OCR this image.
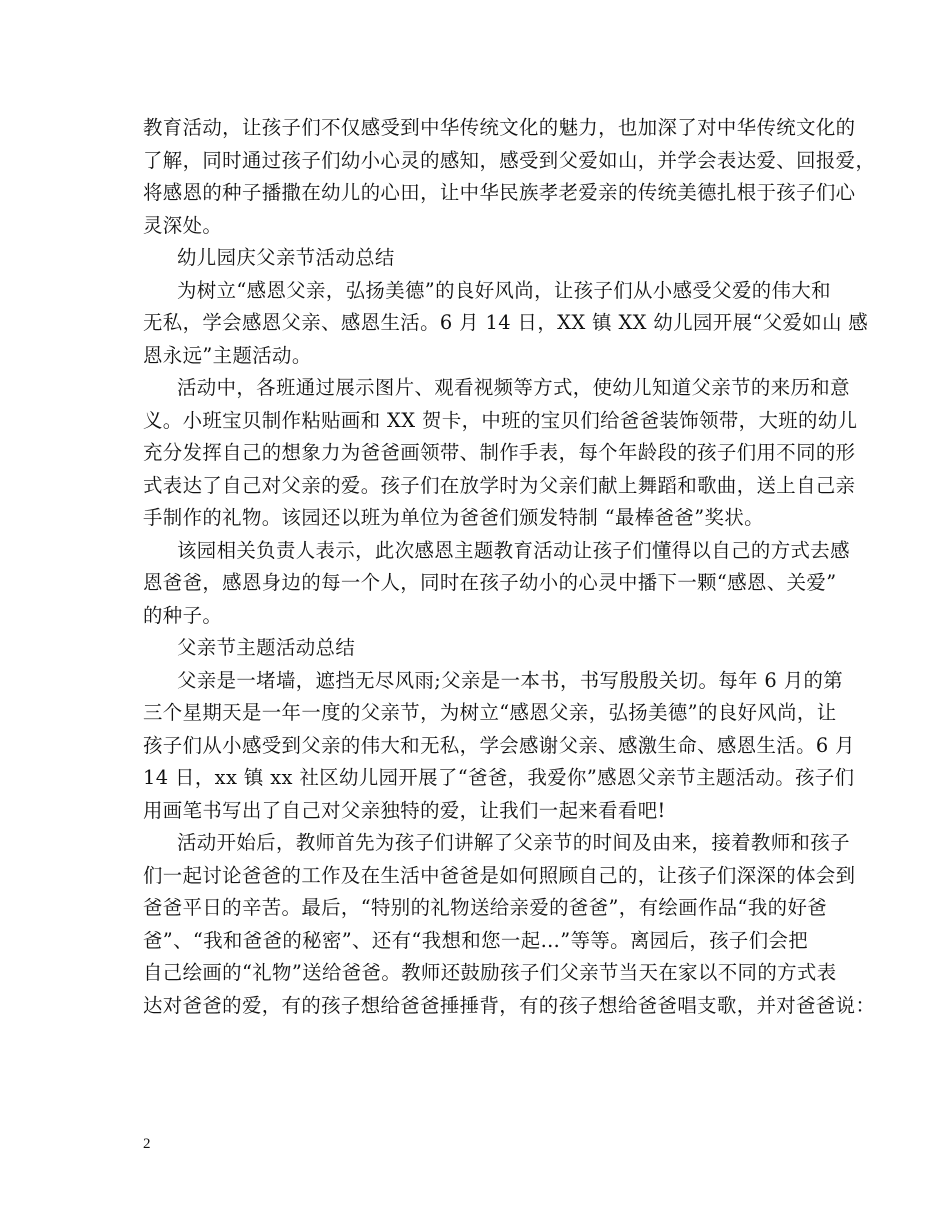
教育活动，让孩子们不仅感受到中华传统文化的魅力，也加深了对中华传统文化的
了解，同时通过孩子们幼小心灵的感知，感受到父爱如山，并学会表达爱、回报爱，
将感恩的种子播撒在幼儿的心田，让中华民族孝老爱亲的传统美德扎根于孩子们心
灵深处。
幼儿园庆父亲节活动总结
为树立“感恩父亲，弘扬美德”的良好风尚，让孩子们从小感受父爱的伟大和
无私，学会感恩父亲、感恩生活。6 月 14 日，XX 镇 XX 幼儿园开展“父爱如山 感
恩永远”主题活动。
活动中，各班通过展示图片、观看视频等方式，使幼儿知道父亲节的来历和意
义。小班宝贝制作粘贴画和 XX 贺卡，中班的宝贝们给爸爸装饰领带，大班的幼儿
充分发挥自己的想象力为爸爸画领带、制作手表，每个年龄段的孩子们用不同的形
式表达了自己对父亲的爱。孩子们在放学时为父亲们献上舞蹈和歌曲，送上自己亲
手制作的礼物。该园还以班为单位为爸爸们颁发特制 “最棒爸爸”奖状。
该园相关负责人表示，此次感恩主题教育活动让孩子们懂得以自己的方式去感
恩爸爸，感恩身边的每一个人，同时在孩子幼小的心灵中播下一颗“感恩、关爱”
的种子。
父亲节主题活动总结
父亲是一堵墙，遮挡无尽风雨;父亲是一本书，书写殷殷关切。每年 6 月的第
三个星期天是一年一度的父亲节，为树立“感恩父亲，弘扬美德”的良好风尚，让
孩子们从小感受到父亲的伟大和无私，学会感谢父亲、感激生命、感恩生活。6 月
14 日，xx 镇 xx 社区幼儿园开展了“爸爸，我爱你”感恩父亲节主题活动。孩子们
用画笔书写出了自己对父亲独特的爱，让我们一起来看看吧!
活动开始后，教师首先为孩子们讲解了父亲节的时间及由来，接着教师和孩子
们一起讨论爸爸的工作及在生活中爸爸是如何照顾自己的，让孩子们深深的体会到
爸爸平日的辛苦。最后，“特别的礼物送给亲爱的爸爸”，有绘画作品“我的好爸
爸”、“我和爸爸的秘密”、还有“我想和您一起…”等等。离园后，孩子们会把
自己绘画的“礼物”送给爸爸。教师还鼓励孩子们父亲节当天在家以不同的方式表
达对爸爸的爱，有的孩子想给爸爸捶捶背，有的孩子想给爸爸唱支歌，并对爸爸说：
2
